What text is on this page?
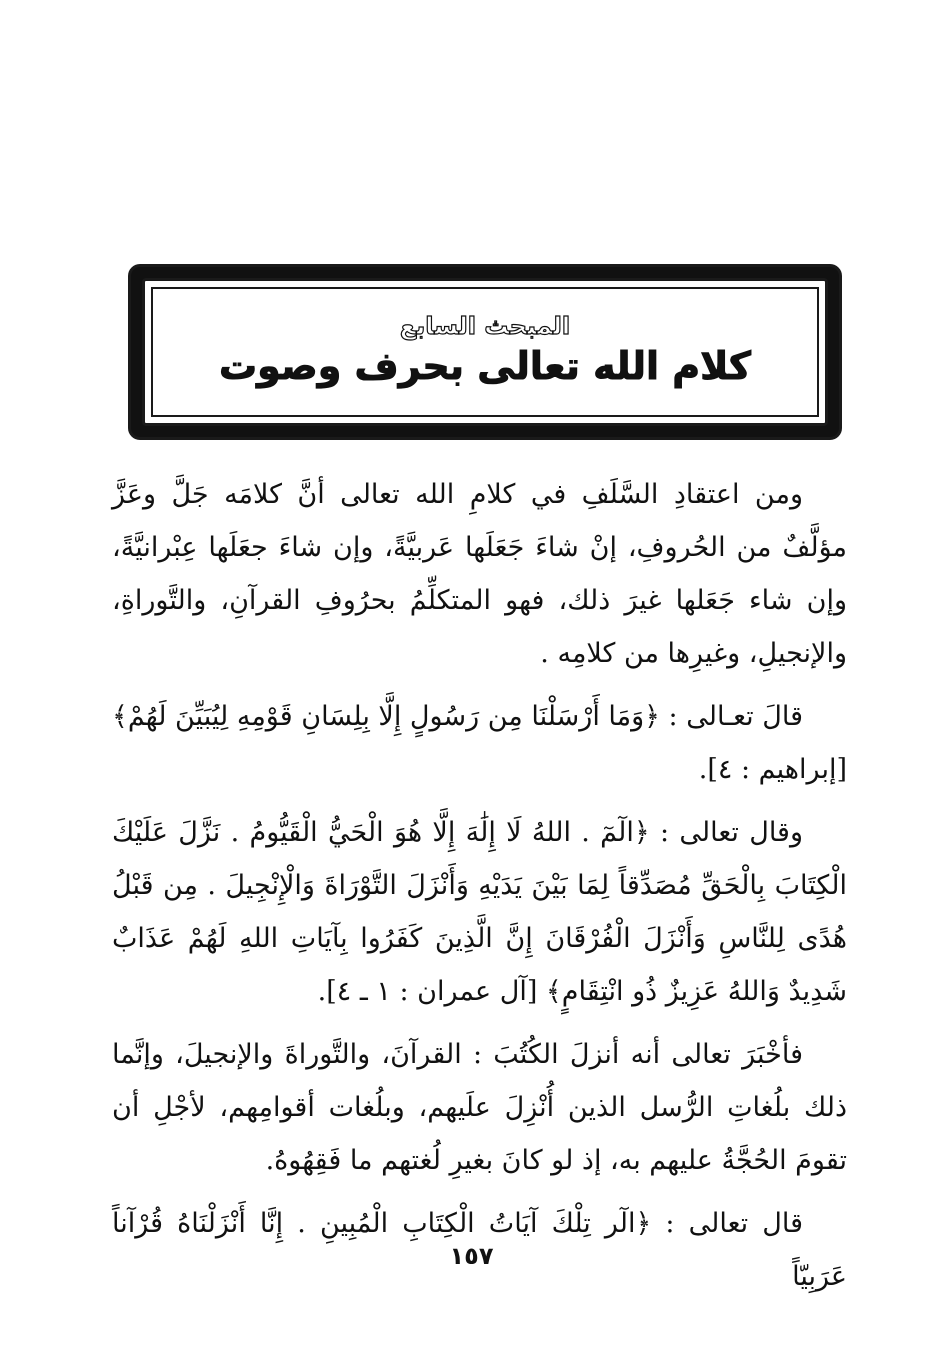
المبحث السابع
كلام الله تعالى بحرف وصوت

ومن اعتقادِ السَّلَفِ في كلامِ الله تعالى أنَّ كلامَه جَلَّ وعَزَّ مؤلَّفٌ من الحُروفِ، إنْ شاءَ جَعَلَها عَربيَّةً، وإن شاءَ جعَلَها عِبْرانيَّةً، وإن شاء جَعَلها غيرَ ذلك، فهو المتكلِّمُ بحرُوفِ القرآنِ، والتَّوراةِ، والإنجيلِ، وغيرِها من كلامِه .

قالَ تعـالى : ﴿وَمَا أَرْسَلْنَا مِن رَسُولٍ إِلَّا بِلِسَانِ قَوْمِهِ لِيُبَيِّنَ لَهُمْ﴾ [إبراهيم : ٤].

وقال تعالى : ﴿الٓمٓ . اللهُ لَا إِلَٰهَ إِلَّا هُوَ الْحَيُّ الْقَيُّومُ . نَزَّلَ عَلَيْكَ الْكِتَابَ بِالْحَقِّ مُصَدِّقاً لِمَا بَيْنَ يَدَيْهِ وَأَنْزَلَ التَّوْرَاةَ وَالْإِنْجِيلَ . مِن قَبْلُ هُدًى لِلنَّاسِ وَأَنْزَلَ الْفُرْقَانَ إِنَّ الَّذِينَ كَفَرُوا بِآيَاتِ اللهِ لَهُمْ عَذَابٌ شَدِيدٌ وَاللهُ عَزِيزٌ ذُو انْتِقَامٍ﴾ [آل عمران : ١ ـ ٤].

فأخْبَرَ تعالى أنه أنزلَ الكُتُبَ : القرآنَ، والتَّوراةَ والإنجيلَ، وإنَّما ذلك بلُغاتِ الرُّسل الذين أُنْزِلَ علَيهم، وبلُغات أقوامِهم، لأجْلِ أن تقومَ الحُجَّةُ عليهم به، إذ لو كانَ بغيرِ لُغتهم ما فَقِهُوهُ.

قال تعالى : ﴿الٓر تِلْكَ آيَاتُ الْكِتَابِ الْمُبِينِ . إِنَّا أَنْزَلْنَاهُ قُرْآناً عَرَبِيّاً

١٥٧
